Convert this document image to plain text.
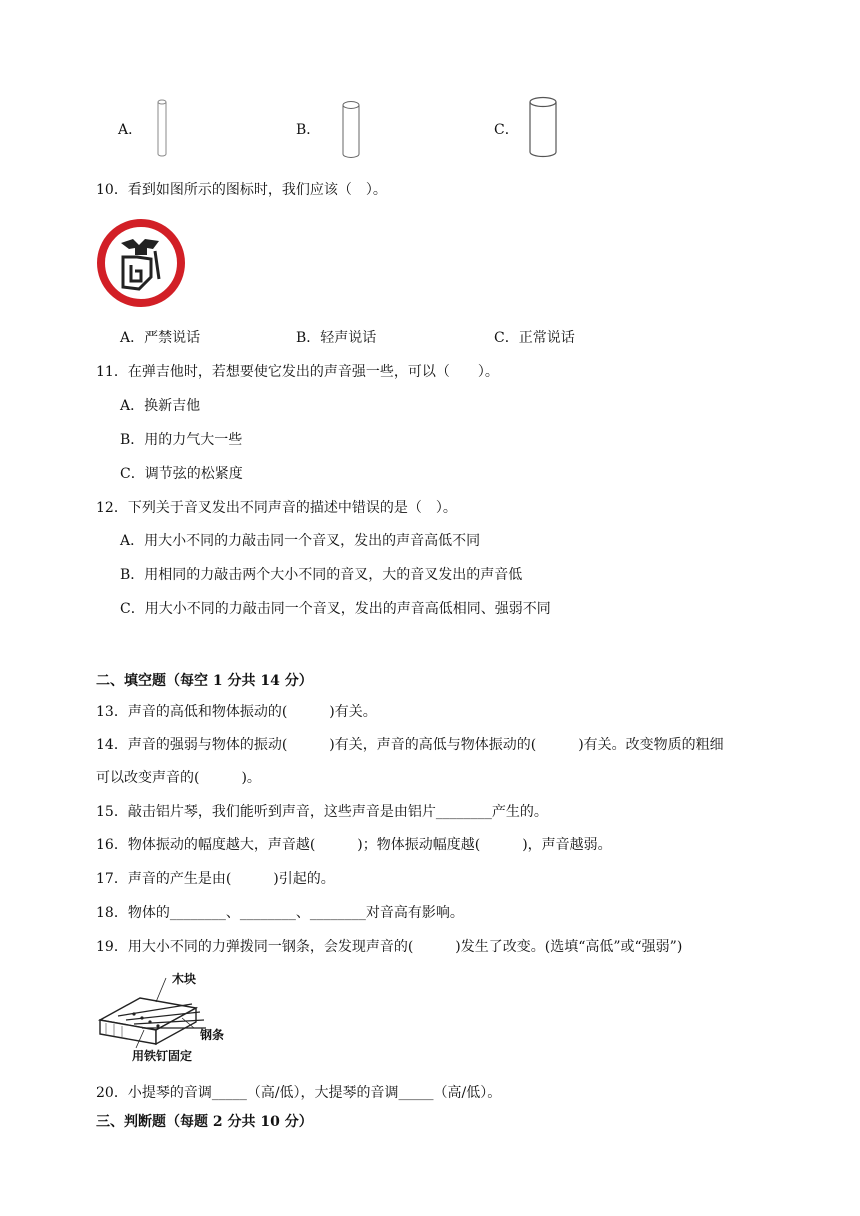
A．	B．	C．
10．看到如图所示的图标时，我们应该（　）。
A．严禁说话	B．轻声说话	C．正常说话
11．在弹吉他时，若想要使它发出的声音强一些，可以（　　）。
A．换新吉他
B．用的力气大一些
C．调节弦的松紧度
12．下列关于音叉发出不同声音的描述中错误的是（　）。
A．用大小不同的力敲击同一个音叉，发出的声音高低不同
B．用相同的力敲击两个大小不同的音叉，大的音叉发出的声音低
C．用大小不同的力敲击同一个音叉，发出的声音高低相同、强弱不同
二、填空题（每空 1 分共 14 分）
13．声音的高低和物体振动的(　　　)有关。
14．声音的强弱与物体的振动(　　　)有关，声音的高低与物体振动的(　　　)有关。改变物质的粗细
可以改变声音的(　　　)。
15．敲击铝片琴，我们能听到声音，这些声音是由铝片________产生的。
16．物体振动的幅度越大，声音越(　　　)；物体振动幅度越(　　　)，声音越弱。
17．声音的产生是由(　　　)引起的。
18．物体的________、________、________对音高有影响。
19．用大小不同的力弹拨同一钢条，会发现声音的(　　　)发生了改变。(选填“高低”或“强弱”)
木块
钢条
用铁钉固定
20．小提琴的音调_____（高/低），大提琴的音调_____（高/低）。
三、判断题（每题 2 分共 10 分）
